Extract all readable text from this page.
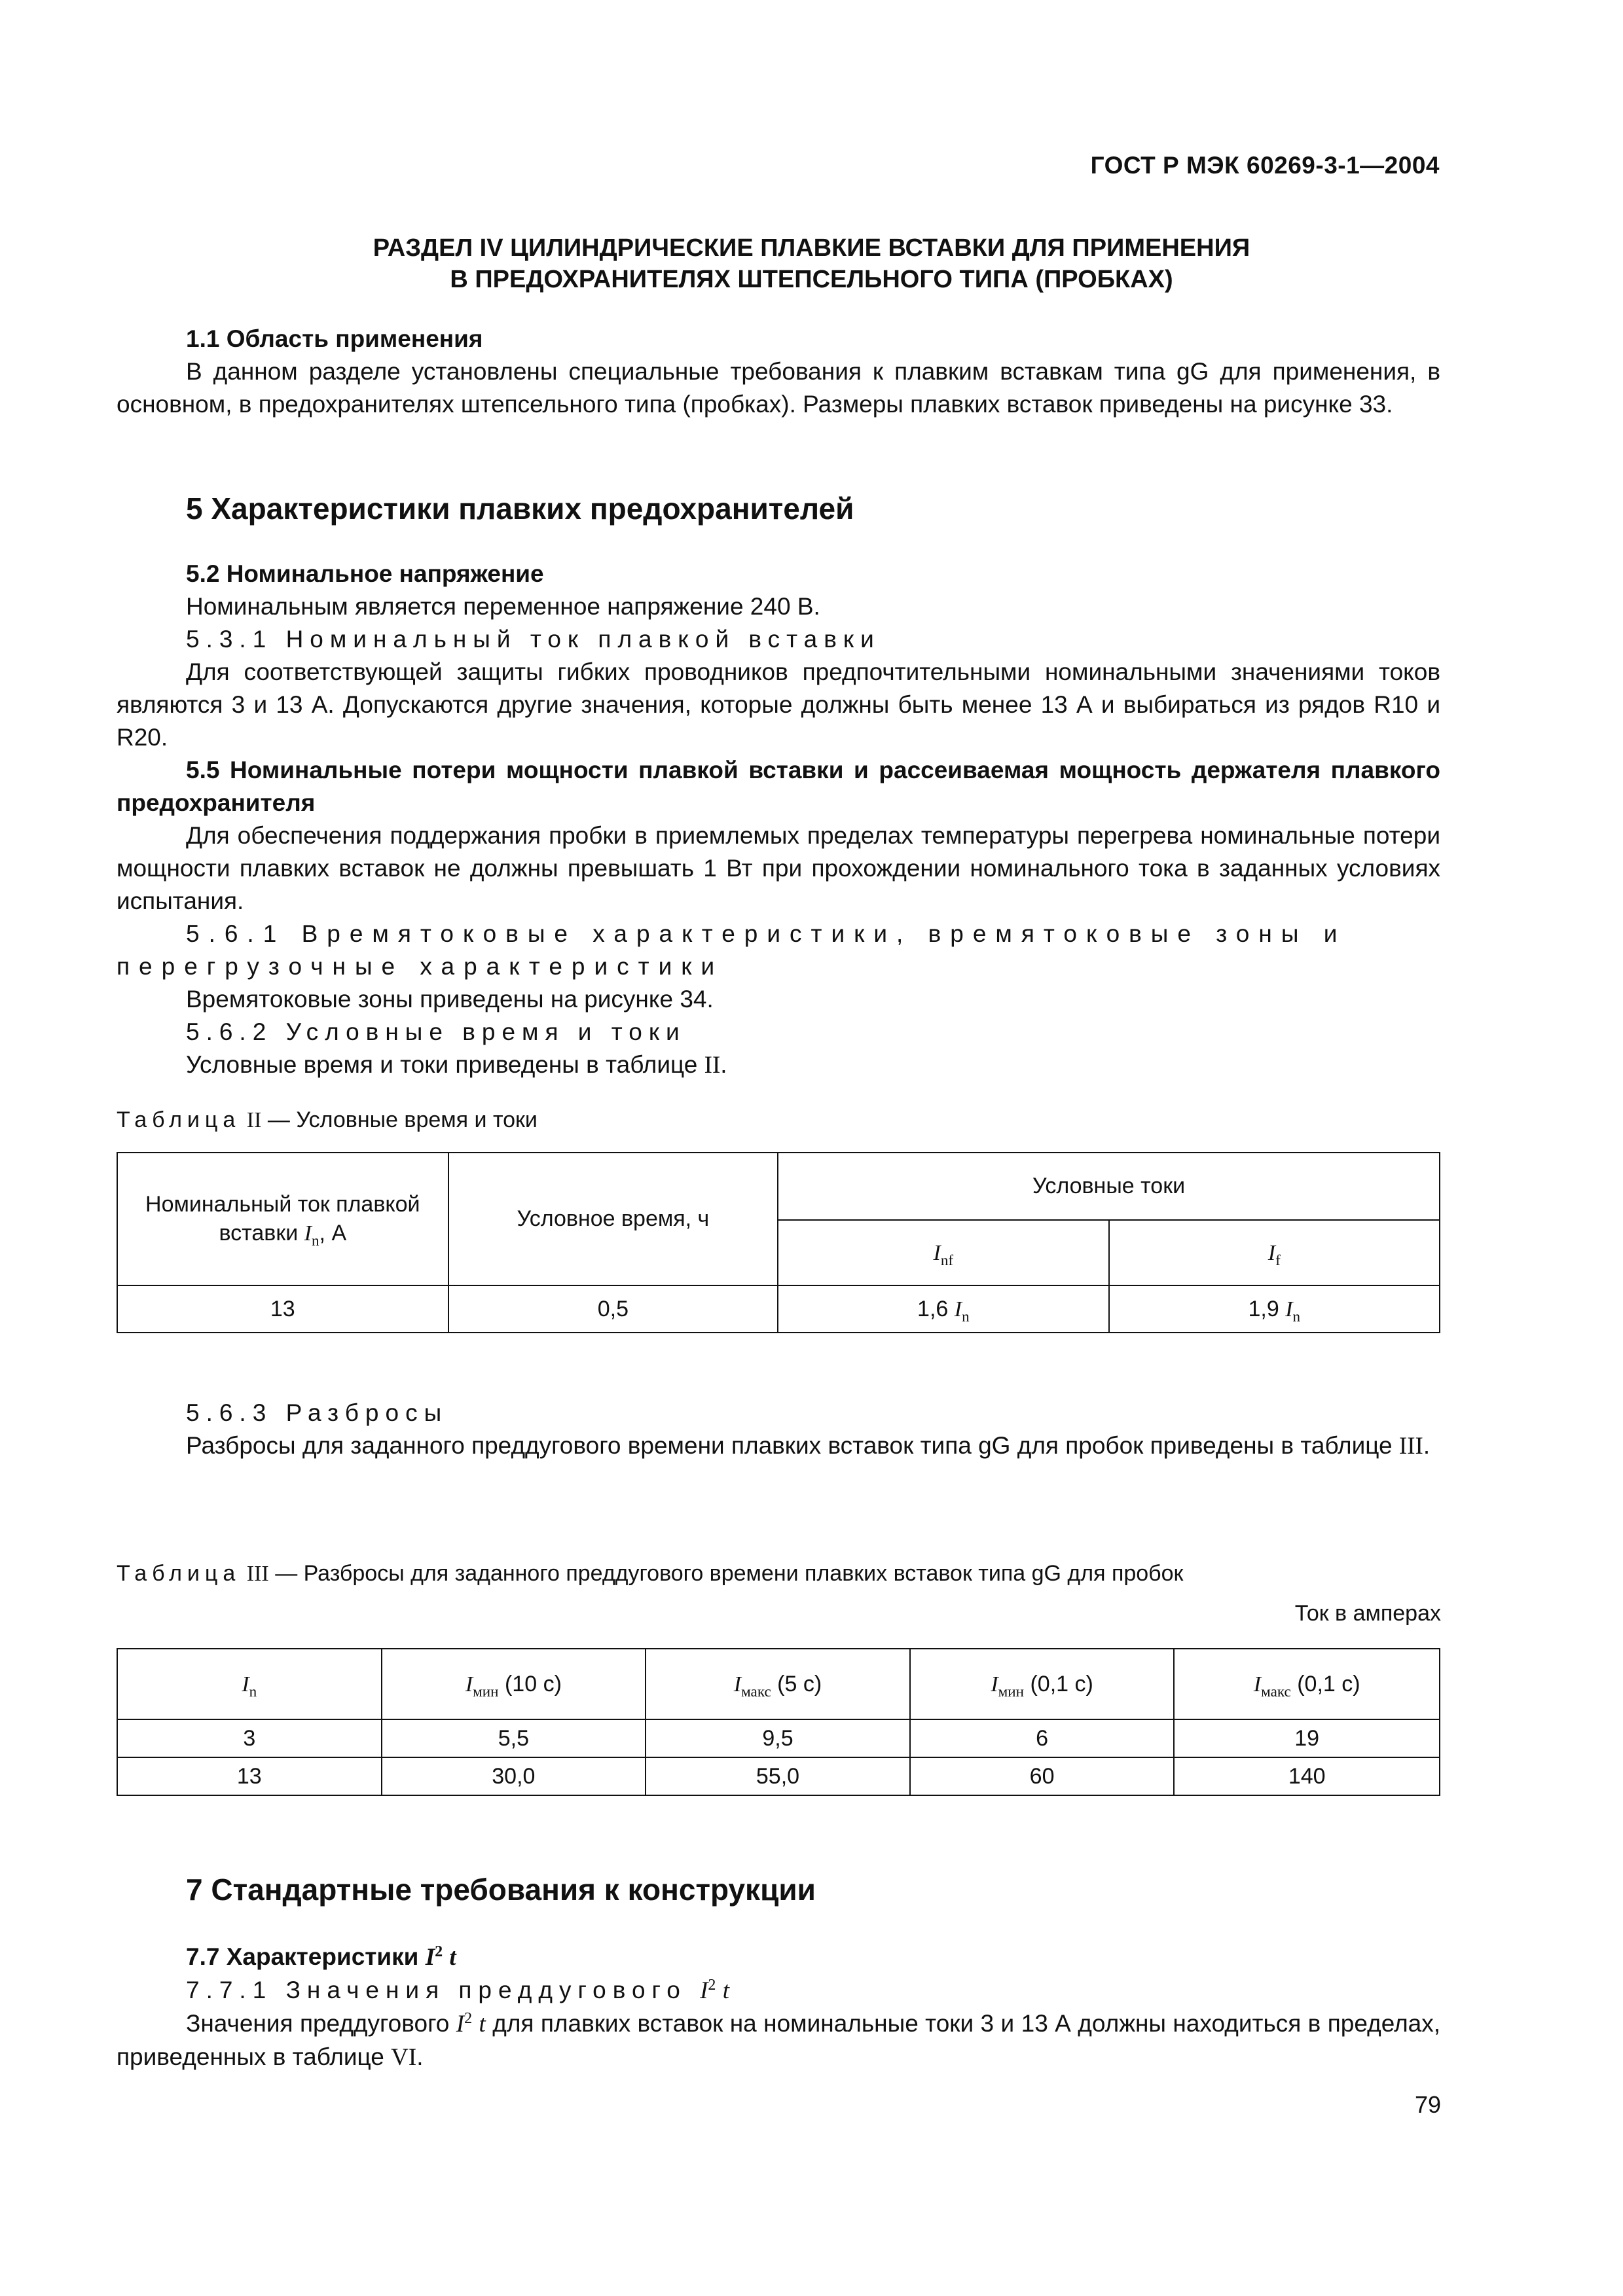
ГОСТ Р МЭК 60269-3-1—2004
РАЗДЕЛ IV ЦИЛИНДРИЧЕСКИЕ ПЛАВКИЕ ВСТАВКИ ДЛЯ ПРИМЕНЕНИЯ
В ПРЕДОХРАНИТЕЛЯХ ШТЕПСЕЛЬНОГО ТИПА (ПРОБКАХ)
1.1 Область применения
В данном разделе установлены специальные требования к плавким вставкам типа gG для применения, в основном, в предохранителях штепсельного типа (пробках). Размеры плавких вставок приведены на рисунке 33.
5 Характеристики плавких предохранителей
5.2 Номинальное напряжение
Номинальным является переменное напряжение 240 В.
5.3.1 Номинальный ток плавкой вставки
Для соответствующей защиты гибких проводников предпочтительными номинальными значениями токов являются 3 и 13 А. Допускаются другие значения, которые должны быть менее 13 А и выбираться из рядов R10 и R20.
5.5 Номинальные потери мощности плавкой вставки и рассеиваемая мощность держателя плавкого предохранителя
Для обеспечения поддержания пробки в приемлемых пределах температуры перегрева номинальные потери мощности плавких вставок не должны превышать 1 Вт при прохождении номинального тока в заданных условиях испытания.
5.6.1 Времятоковые характеристики, времятоковые зоны и перегрузочные характеристики
Времятоковые зоны приведены на рисунке 34.
5.6.2 Условные время и токи
Условные время и токи приведены в таблице II.
Таблица II — Условные время и токи
Номинальный ток плавкой
вставки $I_n$, А	Условное время, ч	Условные токи	
		$I_{nf}$	$I_f$
13	0,5	1,6 $I_n$	1,9 $I_n$
5.6.3 Разбросы
Разбросы для заданного преддугового времени плавких вставок типа gG для пробок приведены в таблице III.
Таблица III — Разбросы для заданного преддугового времени плавких вставок типа gG для пробок
Ток в амперах
$I_n$	$I_{мин}$ (10 с)	$I_{макс}$ (5 с)	$I_{мин}$ (0,1 с)	$I_{макс}$ (0,1 с)
3	5,5	9,5	6	19
13	30,0	55,0	60	140
7 Стандартные требования к конструкции
7.7 Характеристики $I^2$ t
7.7.1 Значения преддугового $I^2$ t
Значения преддугового $I^2$ t для плавких вставок на номинальные токи 3 и 13 А должны находиться в пределах, приведенных в таблице VI.
79
